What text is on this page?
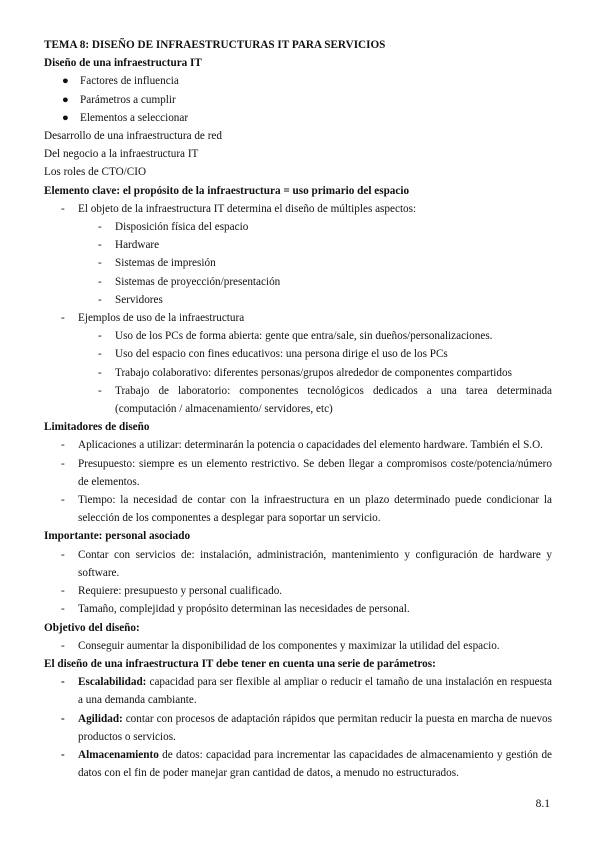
TEMA 8: DISEÑO DE INFRAESTRUCTURAS IT PARA SERVICIOS

Diseño de una infraestructura IT

● Factores de influencia
● Parámetros a cumplir
● Elementos a seleccionar

Desarrollo de una infraestructura de red

Del negocio a la infraestructura IT

Los roles de CTO/CIO

Elemento clave: el propósito de la infraestructura = uso primario del espacio

- El objeto de la infraestructura IT determina el diseño de múltiples aspectos:
- Disposición física del espacio
- Hardware
- Sistemas de impresión
- Sistemas de proyección/presentación
- Servidores
- Ejemplos de uso de la infraestructura
- Uso de los PCs de forma abierta: gente que entra/sale, sin dueños/personalizaciones.
- Uso del espacio con fines educativos: una persona dirige el uso de los PCs
- Trabajo colaborativo: diferentes personas/grupos alrededor de componentes compartidos
- Trabajo de laboratorio: componentes tecnológicos dedicados a una tarea determinada (computación / almacenamiento/ servidores, etc)

Limitadores de diseño

- Aplicaciones a utilizar: determinarán la potencia o capacidades del elemento hardware. También el S.O.
- Presupuesto: siempre es un elemento restrictivo. Se deben llegar a compromisos coste/potencia/número de elementos.
- Tiempo: la necesidad de contar con la infraestructura en un plazo determinado puede condicionar la selección de los componentes a desplegar para soportar un servicio.

Importante: personal asociado

- Contar con servicios de: instalación, administración, mantenimiento y configuración de hardware y software.
- Requiere: presupuesto y personal cualificado.
- Tamaño, complejidad y propósito determinan las necesidades de personal.

Objetivo del diseño:

- Conseguir aumentar la disponibilidad de los componentes y maximizar la utilidad del espacio.

El diseño de una infraestructura IT debe tener en cuenta una serie de parámetros:

- Escalabilidad: capacidad para ser flexible al ampliar o reducir el tamaño de una instalación en respuesta a una demanda cambiante.
- Agilidad: contar con procesos de adaptación rápidos que permitan reducir la puesta en marcha de nuevos productos o servicios.
- Almacenamiento de datos: capacidad para incrementar las capacidades de almacenamiento y gestión de datos con el fin de poder manejar gran cantidad de datos, a menudo no estructurados.
8.1
